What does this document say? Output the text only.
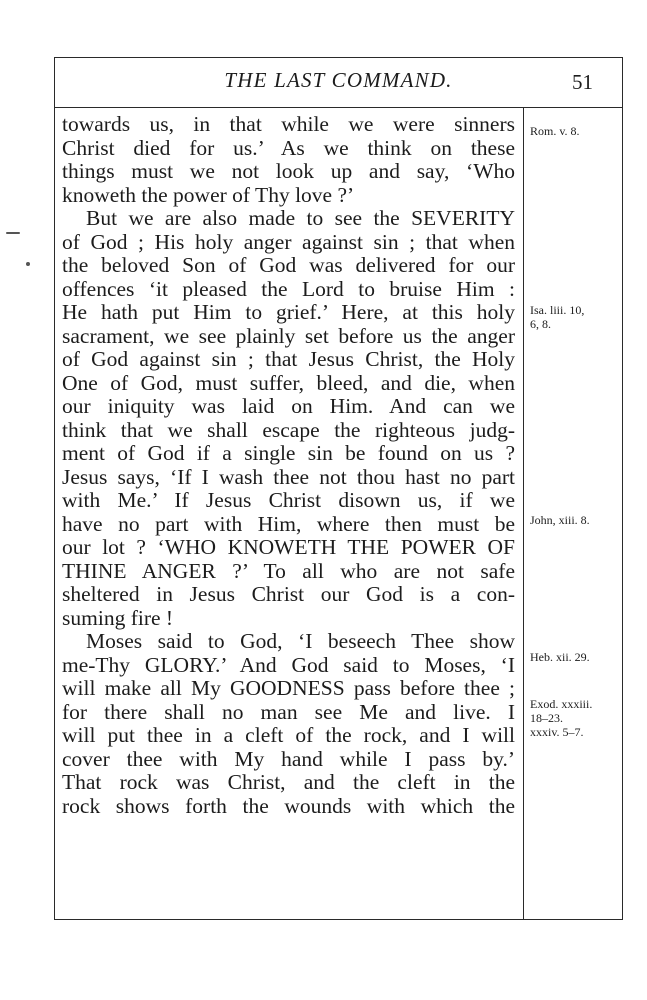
THE LAST COMMAND.	51
towards us, in that while we were sinners
Christ died for us.’ As we think on these
things must we not look up and say, ‘Who
knoweth the power of Thy love ?’
But we are also made to see the SEVERITY
of God ; His holy anger against sin ; that when
the beloved Son of God was delivered for our
offences ‘it pleased the Lord to bruise Him :
He hath put Him to grief.’ Here, at this holy
sacrament, we see plainly set before us the anger
of God against sin ; that Jesus Christ, the Holy
One of God, must suffer, bleed, and die, when
our iniquity was laid on Him. And can we
think that we shall escape the righteous judg-
ment of God if a single sin be found on us ?
Jesus says, ‘If I wash thee not thou hast no part
with Me.’ If Jesus Christ disown us, if we
have no part with Him, where then must be
our lot ? ‘WHO KNOWETH THE POWER OF
THINE ANGER ?’ To all who are not safe
sheltered in Jesus Christ our God is a con-
suming fire !
Moses said to God, ‘I beseech Thee show
me-Thy GLORY.’ And God said to Moses, ‘I
will make all My GOODNESS pass before thee ;
for there shall no man see Me and live. I
will put thee in a cleft of the rock, and I will
cover thee with My hand while I pass by.’
That rock was Christ, and the cleft in the
rock shows forth the wounds with which the
Rom. v. 8.
Isa. liii. 10,
6, 8.
John, xiii. 8.
Heb. xii. 29.
Exod. xxxiii.
18–23.
xxxiv. 5–7.
